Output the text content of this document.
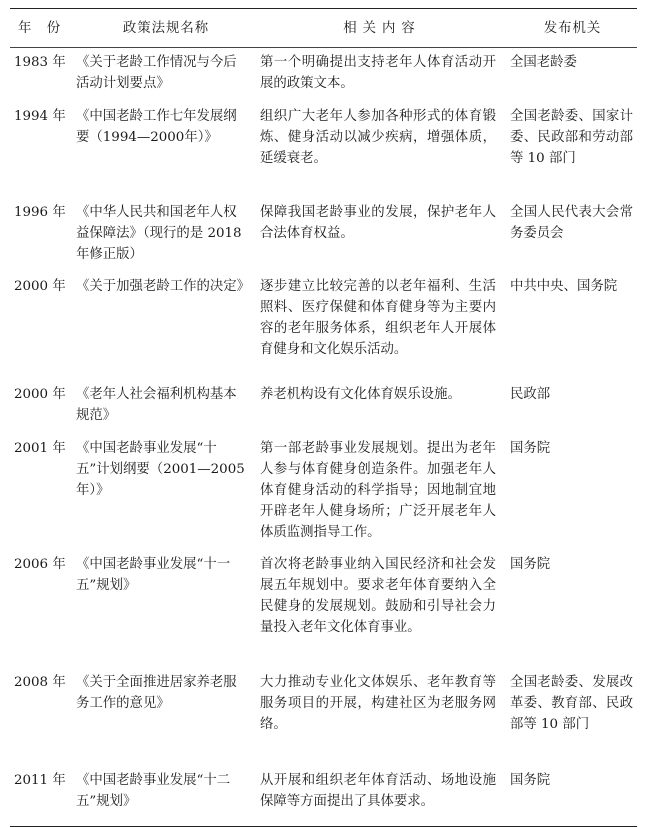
年　份	政策法规名称	相关内容	发布机关
1983 年	《关于老龄工作情况与今后活动计划要点》	第一个明确提出支持老年人体育活动开展的政策文本。	全国老龄委
1994 年	《中国老龄工作七年发展纲要（1994—2000年）》	组织广大老年人参加各种形式的体育锻炼、健身活动以减少疾病，增强体质，延缓衰老。	全国老龄委、国家计委、民政部和劳动部等 10 部门
1996 年	《中华人民共和国老年人权益保障法》（现行的是 2018 年修正版）	保障我国老龄事业的发展，保护老年人合法体育权益。	全国人民代表大会常务委员会
2000 年	《关于加强老龄工作的决定》	逐步建立比较完善的以老年福利、生活照料、医疗保健和体育健身等为主要内容的老年服务体系，组织老年人开展体育健身和文化娱乐活动。	中共中央、国务院
2000 年	《老年人社会福利机构基本规范》	养老机构设有文化体育娱乐设施。	民政部
2001 年	《中国老龄事业发展“十五”计划纲要（2001—2005 年）》	第一部老龄事业发展规划。提出为老年人参与体育健身创造条件。加强老年人体育健身活动的科学指导；因地制宜地开辟老年人健身场所；广泛开展老年人体质监测指导工作。	国务院
2006 年	《中国老龄事业发展“十一五”规划》	首次将老龄事业纳入国民经济和社会发展五年规划中。要求老年体育要纳入全民健身的发展规划。鼓励和引导社会力量投入老年文化体育事业。	国务院
2008 年	《关于全面推进居家养老服务工作的意见》	大力推动专业化文体娱乐、老年教育等服务项目的开展，构建社区为老服务网络。	全国老龄委、发展改革委、教育部、民政部等 10 部门
2011 年	《中国老龄事业发展“十二五”规划》	从开展和组织老年体育活动、场地设施保障等方面提出了具体要求。	国务院
